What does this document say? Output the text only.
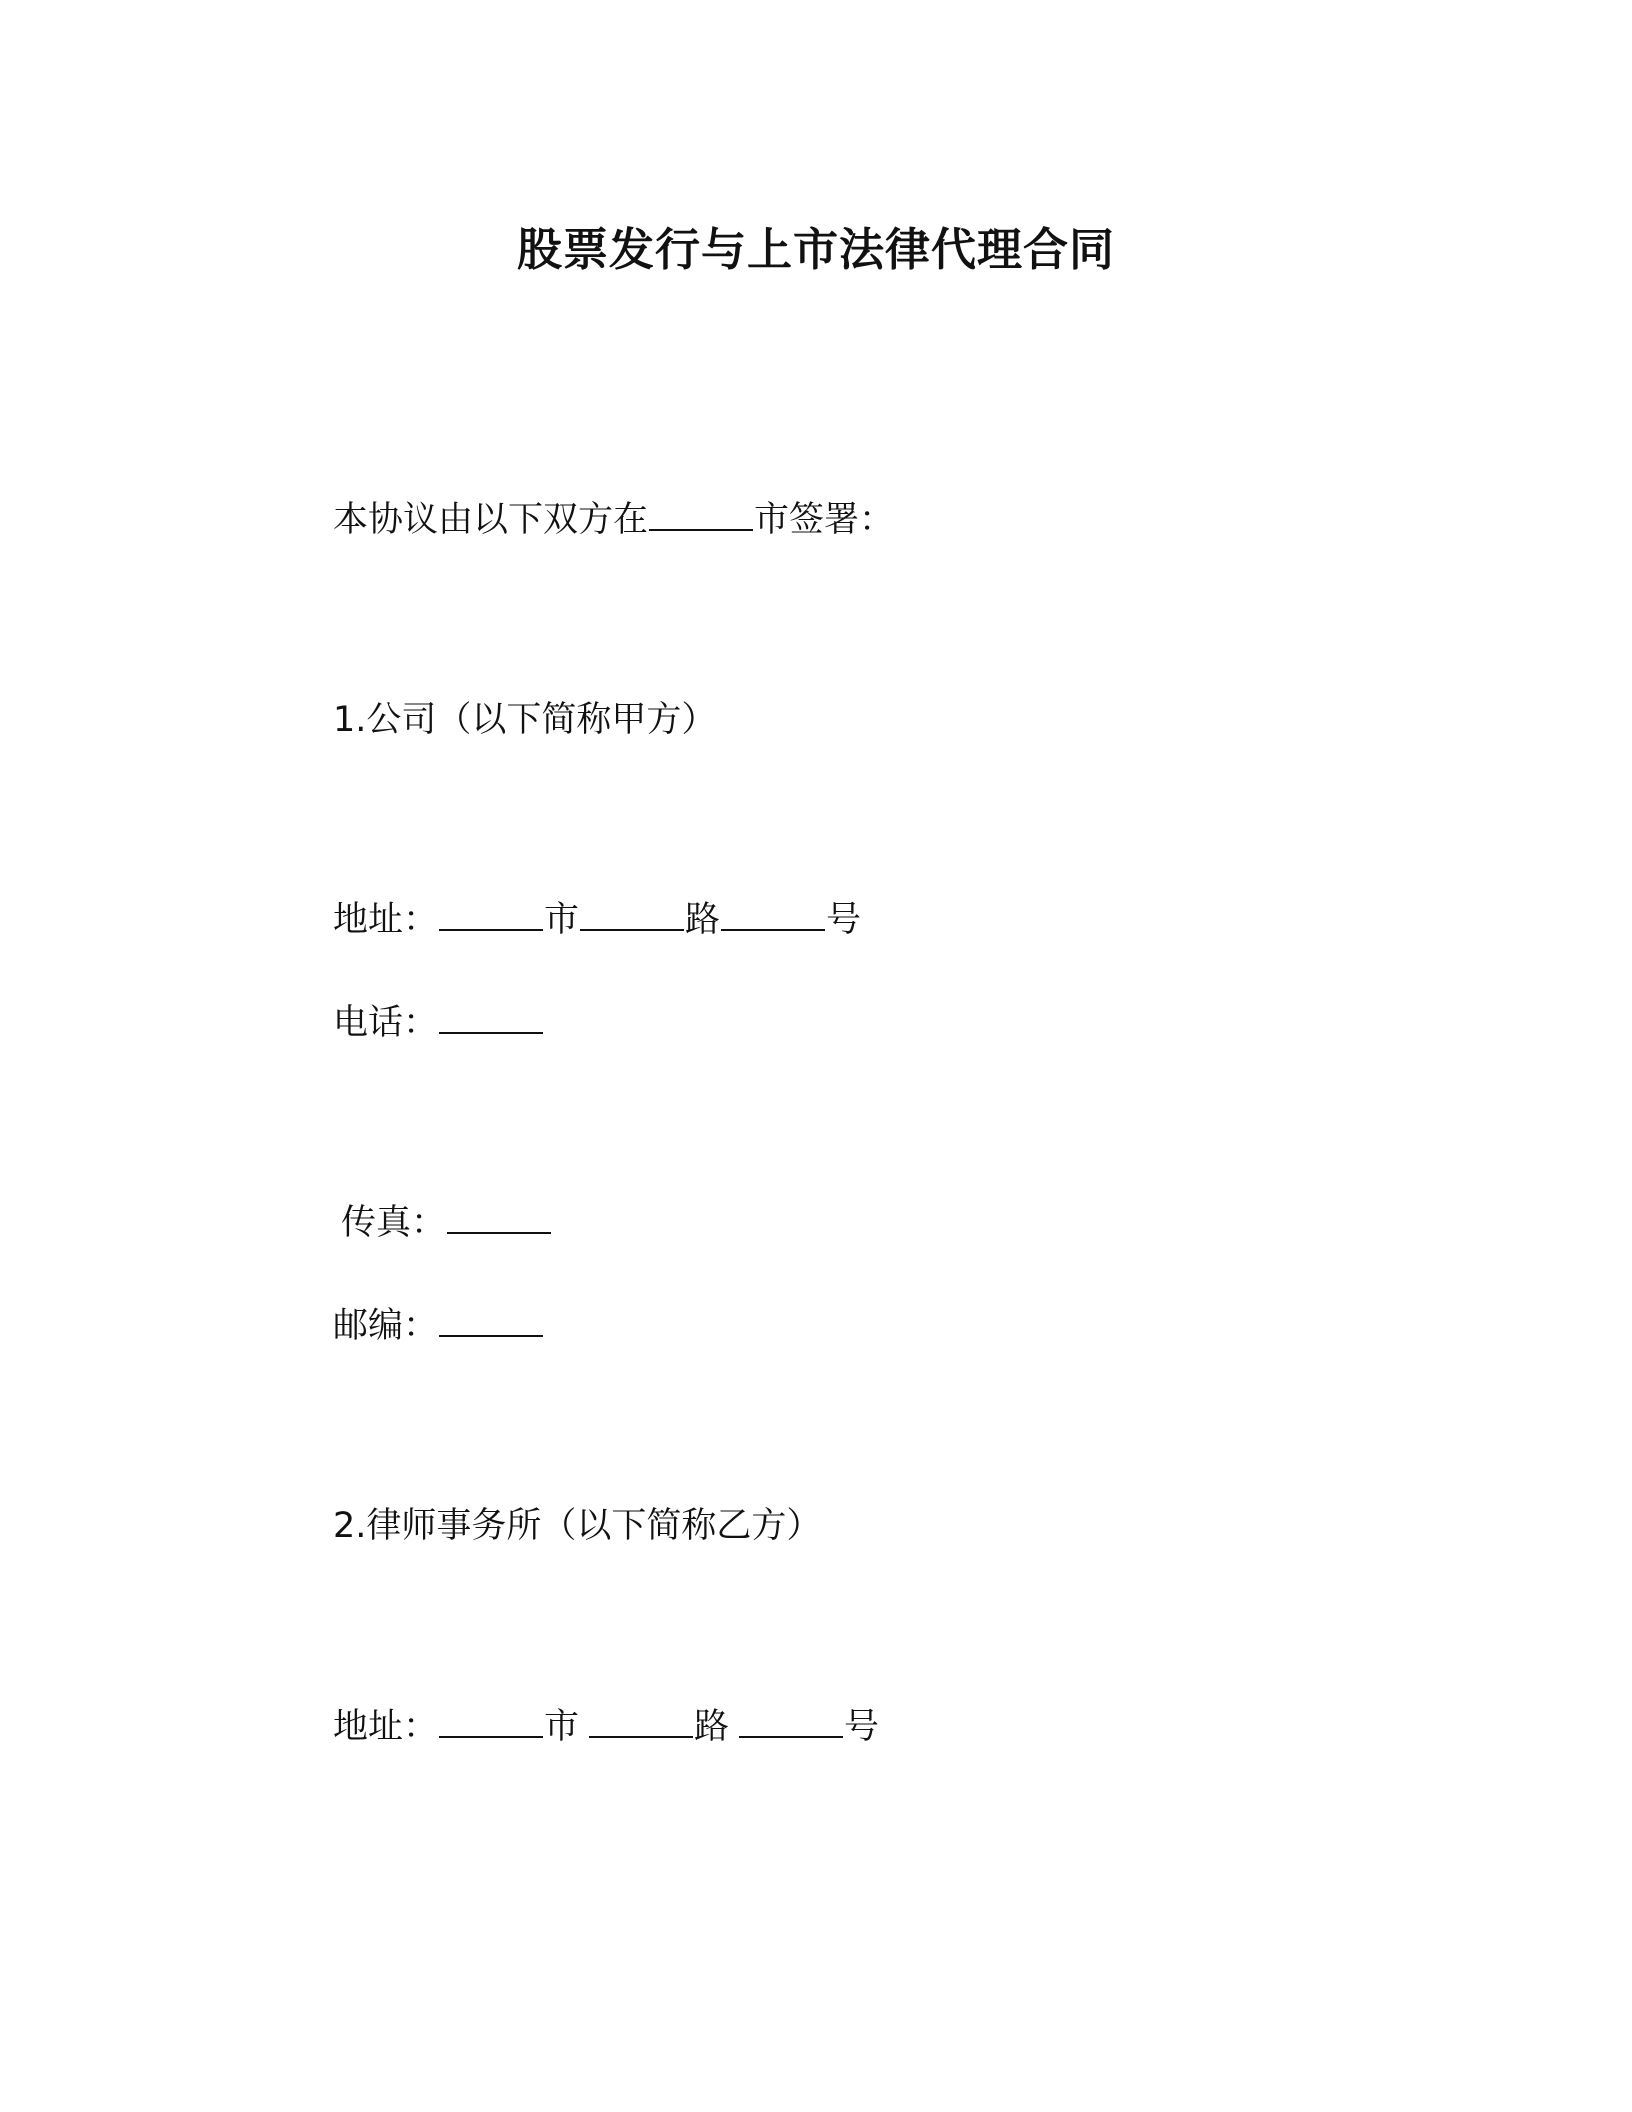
股票发行与上市法律代理合同

本协议由以下双方在	市签署：

1.公司（以下简称甲方）

地址：	市	路	号

电话：

传真：

邮编：

2.律师事务所（以下简称乙方）

地址：	市	路	号
